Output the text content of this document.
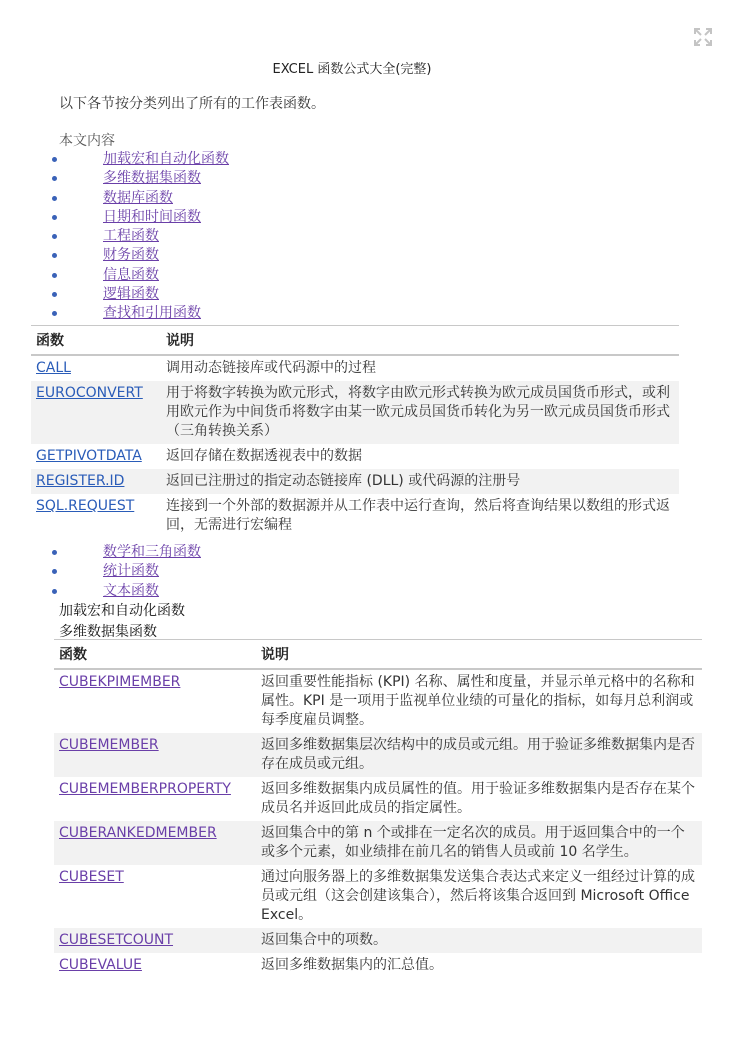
EXCEL 函数公式大全(完整)
以下各节按分类列出了所有的工作表函数。
本文内容
加载宏和自动化函数
多维数据集函数
数据库函数
日期和时间函数
工程函数
财务函数
信息函数
逻辑函数
查找和引用函数
函数	说明
CALL	调用动态链接库或代码源中的过程
EUROCONVERT	用于将数字转换为欧元形式，将数字由欧元形式转换为欧元成员国货币形式，或利用欧元作为中间货币将数字由某一欧元成员国货币转化为另一欧元成员国货币形式（三角转换关系）
GETPIVOTDATA	返回存储在数据透视表中的数据
REGISTER.ID	返回已注册过的指定动态链接库 (DLL) 或代码源的注册号
SQL.REQUEST	连接到一个外部的数据源并从工作表中运行查询，然后将查询结果以数组的形式返回，无需进行宏编程
数学和三角函数
统计函数
文本函数
加载宏和自动化函数
多维数据集函数
函数	说明
CUBEKPIMEMBER	返回重要性能指标 (KPI) 名称、属性和度量，并显示单元格中的名称和属性。KPI 是一项用于监视单位业绩的可量化的指标，如每月总利润或每季度雇员调整。
CUBEMEMBER	返回多维数据集层次结构中的成员或元组。用于验证多维数据集内是否存在成员或元组。
CUBEMEMBERPROPERTY	返回多维数据集内成员属性的值。用于验证多维数据集内是否存在某个成员名并返回此成员的指定属性。
CUBERANKEDMEMBER	返回集合中的第 n 个或排在一定名次的成员。用于返回集合中的一个或多个元素，如业绩排在前几名的销售人员或前 10 名学生。
CUBESET	通过向服务器上的多维数据集发送集合表达式来定义一组经过计算的成员或元组（这会创建该集合），然后将该集合返回到 Microsoft Office Excel。
CUBESETCOUNT	返回集合中的项数。
CUBEVALUE	返回多维数据集内的汇总值。
